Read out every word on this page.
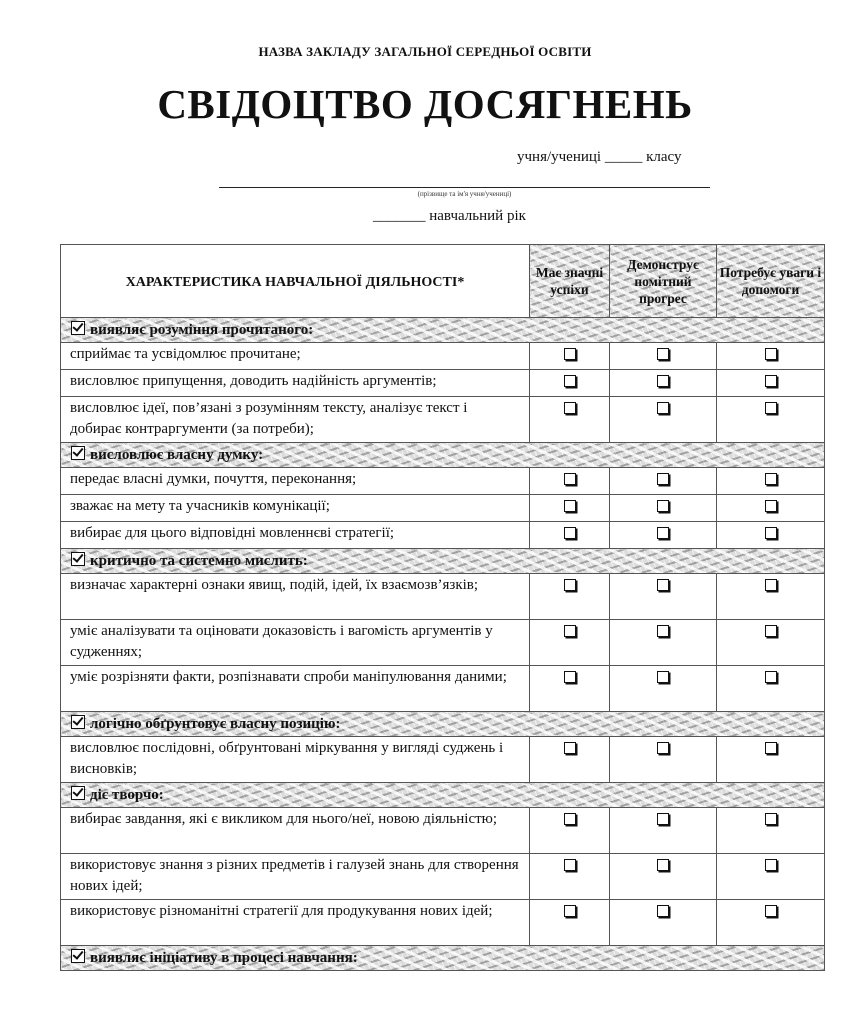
НАЗВА ЗАКЛАДУ ЗАГАЛЬНОЇ СЕРЕДНЬОЇ ОСВІТИ
СВІДОЦТВО ДОСЯГНЕНЬ
учня/учениці _____ класу
(прізвище та ім'я учня/учениці)
_______ навчальний рік
ХАРАКТЕРИСТИКА НАВЧАЛЬНОЇ ДІЯЛЬНОСТІ*	Має значні успіхи	Демонструє помітний прогрес	Потребує уваги і допомоги
виявляє розуміння прочитаного:			
сприймає та усвідомлює прочитане;			
висловлює припущення, доводить надійність аргументів;			
висловлює ідеї, пов’язані з розумінням тексту, аналізує текст і добирає контраргументи (за потреби);			
висловлює власну думку:			
передає власні думки, почуття, переконання;			
зважає на мету та учасників комунікації;			
вибирає для цього відповідні мовленнєві стратегії;			
критично та системно мислить:			
визначає характерні ознаки явищ, подій, ідей, їх взаємозв’язків;			
уміє аналізувати та оціновати доказовість і вагомість аргументів у судженнях;			
уміє розрізняти факти, розпізнавати спроби маніпулювання даними;			
логічно обґрунтовує власну позицію:			
висловлює послідовні, обґрунтовані міркування у вигляді суджень і висновків;			
діє творчо:			
вибирає завдання, які є викликом для нього/неї, новою діяльністю;			
використовує знання з різних предметів і галузей знань для створення нових ідей;			
використовує різноманітні стратегії для продукування нових ідей;			
виявляє ініціативу в процесі навчання:			
